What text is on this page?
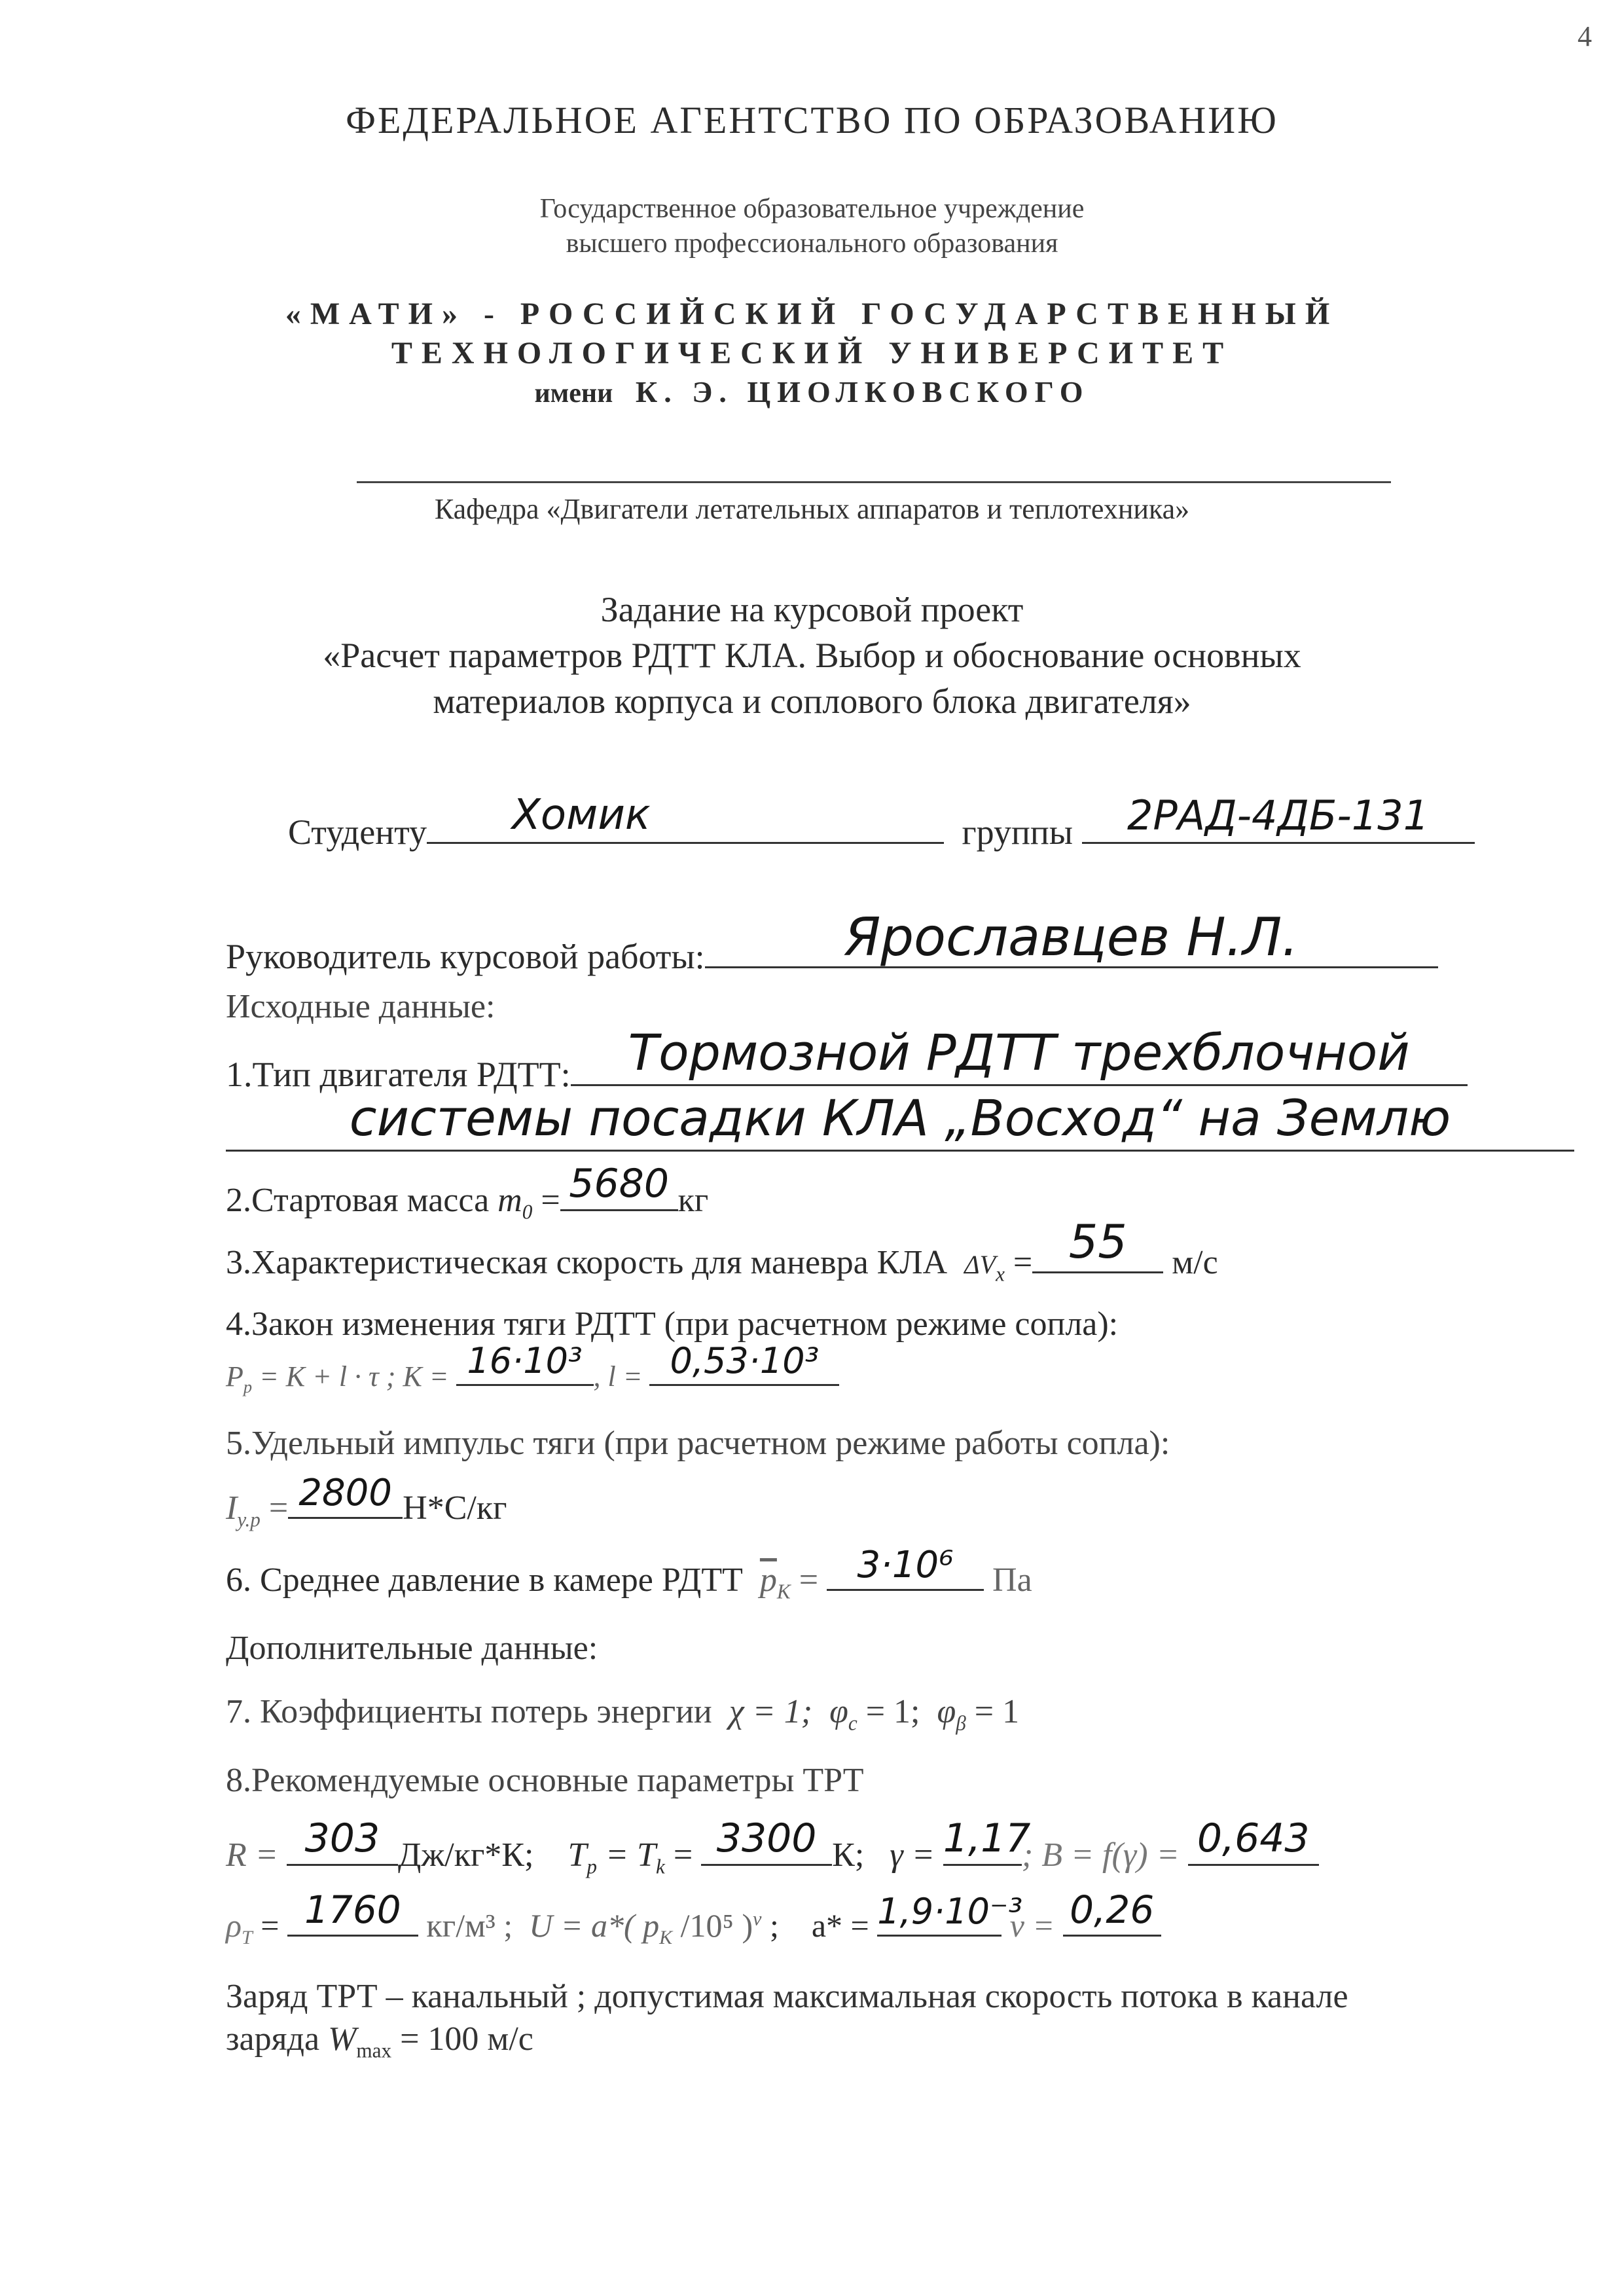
4
ФЕДЕРАЛЬНОЕ АГЕНТСТВО ПО ОБРАЗОВАНИЮ
Государственное образовательное учреждение
высшего профессионального образования
«МАТИ» - РОССИЙСКИЙ ГОСУДАРСТВЕННЫЙ
ТЕХНОЛОГИЧЕСКИЙ УНИВЕРСИТЕТ
имени К. Э. ЦИОЛКОВСКОГО
Кафедра «Двигатели летательных аппаратов и теплотехника»
Задание на курсовой проект
«Расчет параметров РДТТ КЛА. Выбор и обоснование основных
материалов корпуса и соплового блока двигателя»
Студенту	Хомик	группы	2РАД-4ДБ-131
Руководитель курсовой работы:	Ярославцев Н.Л.
Исходные данные:
1.Тип двигателя РДТТ:	Тормозной РДТТ трехблочной
системы посадки КЛА „Восход“ на Землю
2.Стартовая масса $m_0 = 5680$ кг
3.Характеристическая скорость для маневра КЛА $\Delta V_x = 55$	м/с
4.Закон изменения тяги РДТТ (при расчетном режиме сопла):
$P_p = K + l \cdot \tau$ ; K = 16·10³ , l = 0,53·10³
5.Удельный импульс тяги (при расчетном режиме работы сопла):
$I_{y.p} = 2800$ Н*С/кг
6. Среднее давление в камере РДТТ $\overline{p}_K$ =	3·10⁶	Па
Дополнительные данные:
7. Коэффициенты потерь энергии χ = 1; $\varphi_c = 1$; $\varphi_\beta = 1$
8.Рекомендуемые основные параметры ТРТ
R = 303 Дж/кг*К; $T_p = T_k = 3300$ К; γ = 1,17
; B = f(γ) = 0,643
$\rho_T = 1760$ кг/м³ ; U = a*( $p_K$ /10⁵ )$^\nu$ ; a* = 1,9·10⁻³
ν = 0,26
Заряд ТРТ – канальный ; допустимая максимальная скорость потока в канале
заряда $W_{max} = 100$ м/с
